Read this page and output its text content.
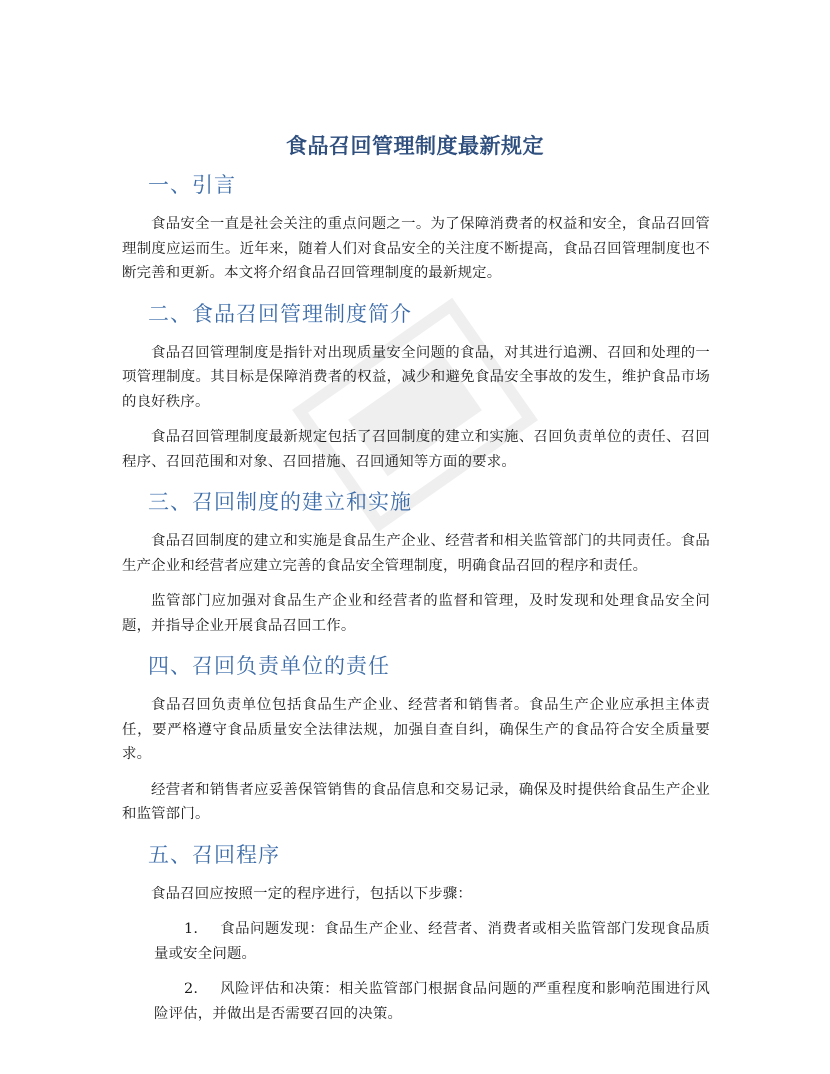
食品召回管理制度最新规定
一、引言

食品安全一直是社会关注的重点问题之一。为了保障消费者的权益和安全，食品召回管理制度应运而生。近年来，随着人们对食品安全的关注度不断提高，食品召回管理制度也不断完善和更新。本文将介绍食品召回管理制度的最新规定。

二、食品召回管理制度简介

食品召回管理制度是指针对出现质量安全问题的食品，对其进行追溯、召回和处理的一项管理制度。其目标是保障消费者的权益，减少和避免食品安全事故的发生，维护食品市场的良好秩序。

食品召回管理制度最新规定包括了召回制度的建立和实施、召回负责单位的责任、召回程序、召回范围和对象、召回措施、召回通知等方面的要求。

三、召回制度的建立和实施

食品召回制度的建立和实施是食品生产企业、经营者和相关监管部门的共同责任。食品生产企业和经营者应建立完善的食品安全管理制度，明确食品召回的程序和责任。

监管部门应加强对食品生产企业和经营者的监督和管理，及时发现和处理食品安全问题，并指导企业开展食品召回工作。

四、召回负责单位的责任

食品召回负责单位包括食品生产企业、经营者和销售者。食品生产企业应承担主体责任，要严格遵守食品质量安全法律法规，加强自查自纠，确保生产的食品符合安全质量要求。

经营者和销售者应妥善保管销售的食品信息和交易记录，确保及时提供给食品生产企业和监管部门。

五、召回程序

食品召回应按照一定的程序进行，包括以下步骤：

1. 食品问题发现：食品生产企业、经营者、消费者或相关监管部门发现食品质量或安全问题。
2. 风险评估和决策：相关监管部门根据食品问题的严重程度和影响范围进行风险评估，并做出是否需要召回的决策。
